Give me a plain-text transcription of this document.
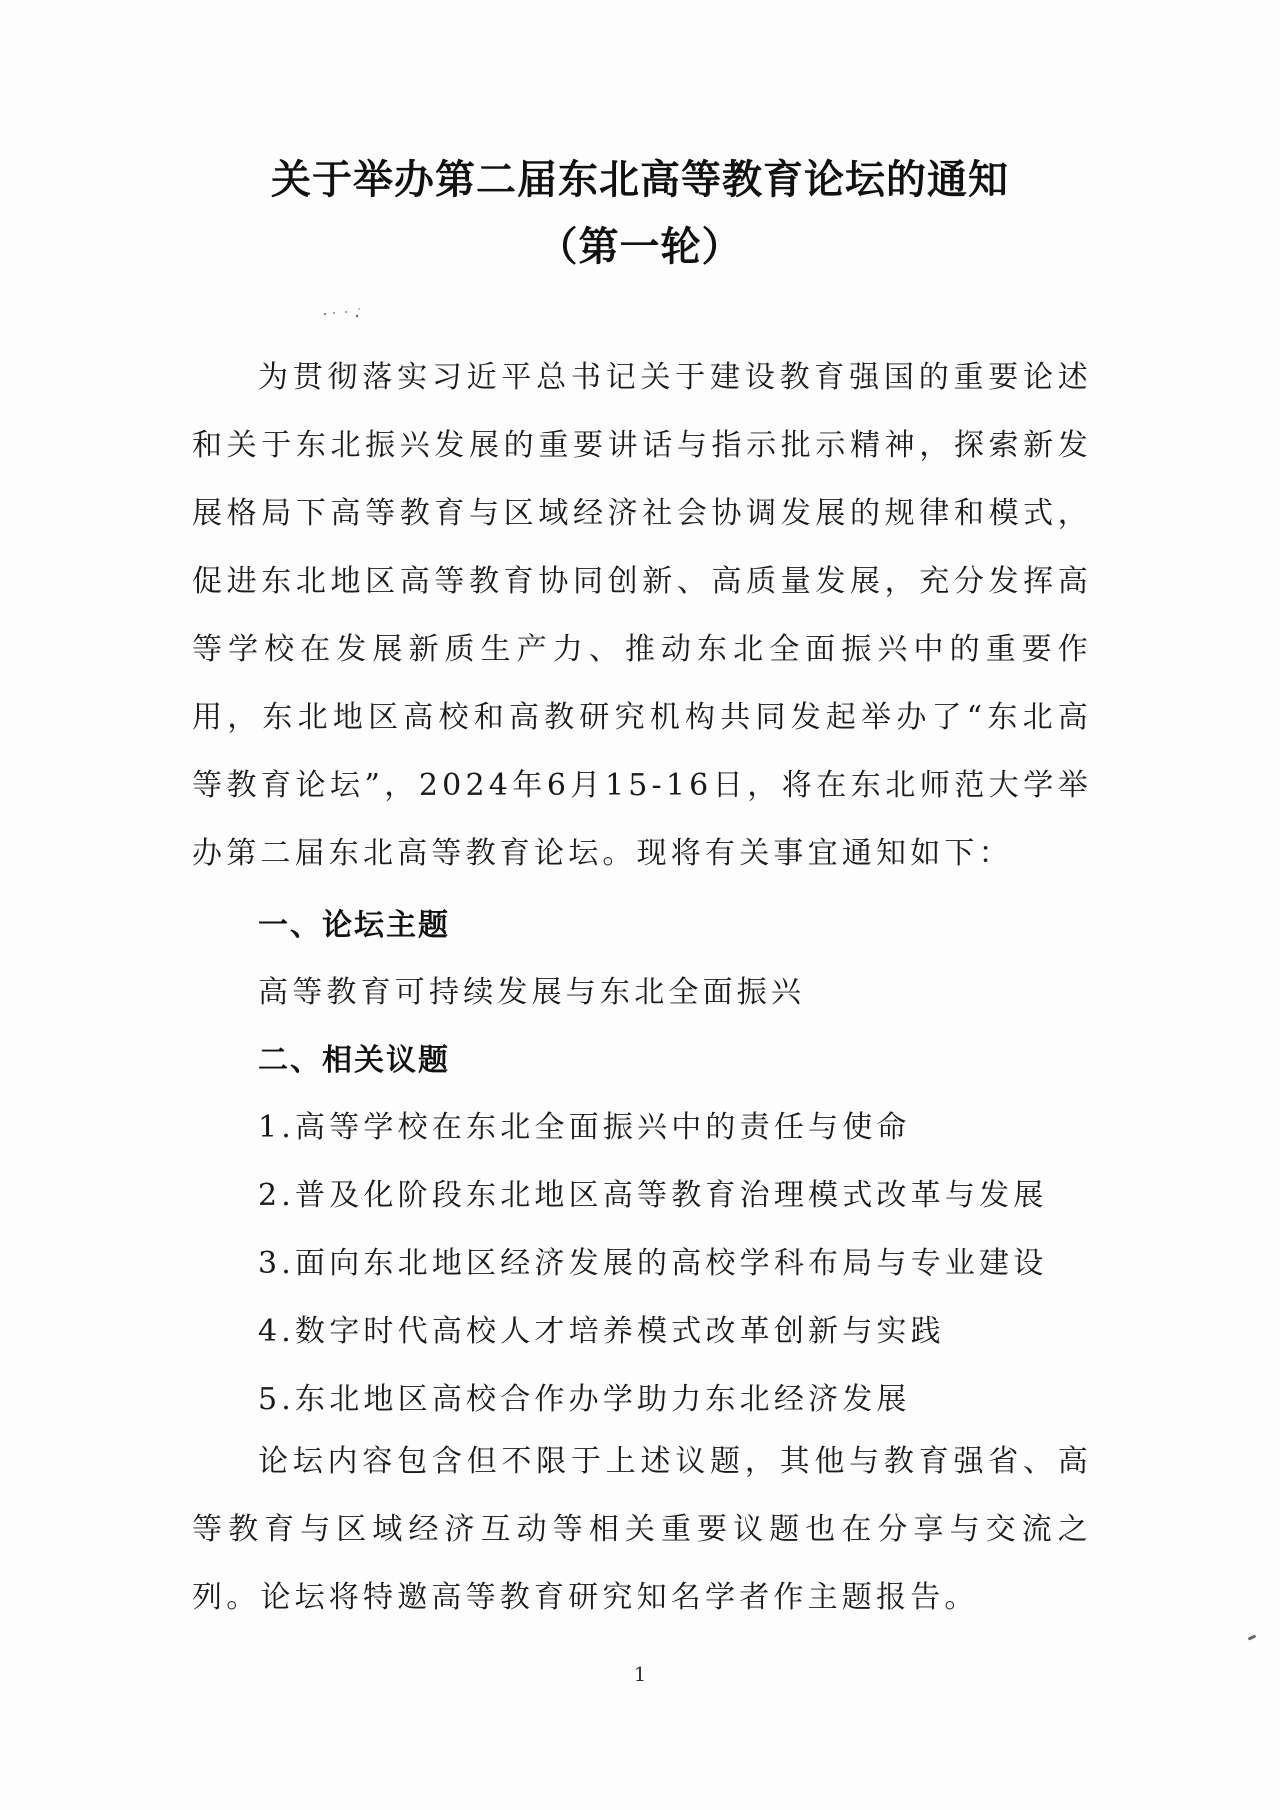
关于举办第二届东北高等教育论坛的通知
（第一轮）

为贯彻落实习近平总书记关于建设教育强国的重要论述和关于东北振兴发展的重要讲话与指示批示精神，探索新发展格局下高等教育与区域经济社会协调发展的规律和模式，促进东北地区高等教育协同创新、高质量发展，充分发挥高等学校在发展新质生产力、推动东北全面振兴中的重要作用，东北地区高校和高教研究机构共同发起举办了“东北高等教育论坛”，2024年6月15-16日，将在东北师范大学举办第二届东北高等教育论坛。现将有关事宜通知如下：

一、论坛主题
高等教育可持续发展与东北全面振兴
二、相关议题
1.高等学校在东北全面振兴中的责任与使命
2.普及化阶段东北地区高等教育治理模式改革与发展
3.面向东北地区经济发展的高校学科布局与专业建设
4.数字时代高校人才培养模式改革创新与实践
5.东北地区高校合作办学助力东北经济发展

论坛内容包含但不限于上述议题，其他与教育强省、高等教育与区域经济互动等相关重要议题也在分享与交流之列。论坛将特邀高等教育研究知名学者作主题报告。

1
